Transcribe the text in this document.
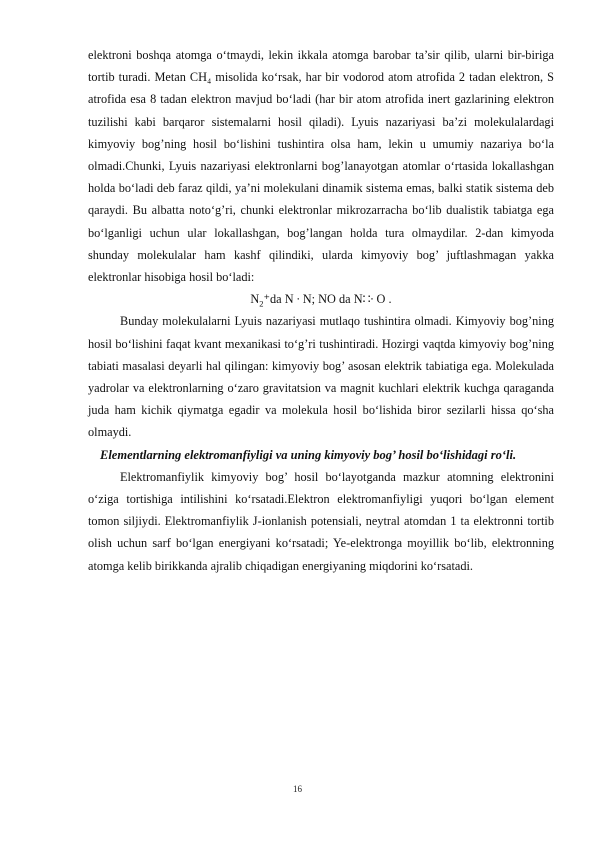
elektroni boshqa atomga o‘tmaydi, lekin ikkala atomga barobar ta’sir qilib, ularni bir-biriga tortib turadi. Metan CH₄ misolida ko‘rsak, har bir vodorod atom atrofida 2 tadan elektron, S atrofida esa 8 tadan elektron mavjud bo‘ladi (har bir atom atrofida inert gazlarining elektron tuzilishi kabi barqaror sistemalarni hosil qiladi). Lyuis nazariyasi ba’zi molekulalardagi kimyoviy bog’ning hosil bo‘lishini tushintira olsa ham, lekin u umumiy nazariya bo‘la olmadi.Chunki, Lyuis nazariyasi elektronlarni bog’lanayotgan atomlar o‘rtasida lokallashgan holda bo‘ladi deb faraz qildi, ya’ni molekulani dinamik sistema emas, balki statik sistema deb qaraydi. Bu albatta noto‘g’ri, chunki elektronlar mikrozarracha bo‘lib dualistik tabiatga ega bo‘lganligi uchun ular lokallashgan, bog’langan holda tura olmaydilar. 2-dan kimyoda shunday molekulalar ham kashf qilindiki, ularda kimyoviy bog’ juftlashmagan yakka elektronlar hisobiga hosil bo‘ladi:

$N_2^+da$ N ∙ N; NO da N∷∙ O .

Bunday molekulalarni Lyuis nazariyasi mutlaqo tushintira olmadi. Kimyoviy bog’ning hosil bo‘lishini faqat kvant mexanikasi to‘g’ri tushintiradi. Hozirgi vaqtda kimyoviy bog’ning tabiati masalasi deyarli hal qilingan: kimyoviy bog’ asosan elektrik tabiatiga ega. Molekulada yadrolar va elektronlarning o‘zaro gravitatsion va magnit kuchlari elektrik kuchga qaraganda juda ham kichik qiymatga egadir va molekula hosil bo‘lishida biror sezilarli hissa qo‘sha olmaydi.

Elementlarning elektromanfiyligi va uning kimyoviy bog’ hosil bo‘lishidagi ro‘li.

Elektromanfiylik kimyoviy bog’ hosil bo‘layotganda mazkur atomning elektronini o‘ziga tortishiga intilishini ko‘rsatadi.Elektron elektromanfiyligi yuqori bo‘lgan element tomon siljiydi. Elektromanfiylik J-ionlanish potensiali, neytral atomdan 1 ta elektronni tortib olish uchun sarf bo‘lgan energiyani ko‘rsatadi; Ye-elektronga moyillik bo‘lib, elektronning atomga kelib birikkanda ajralib chiqadigan energiyaning miqdorini ko‘rsatadi.

16
